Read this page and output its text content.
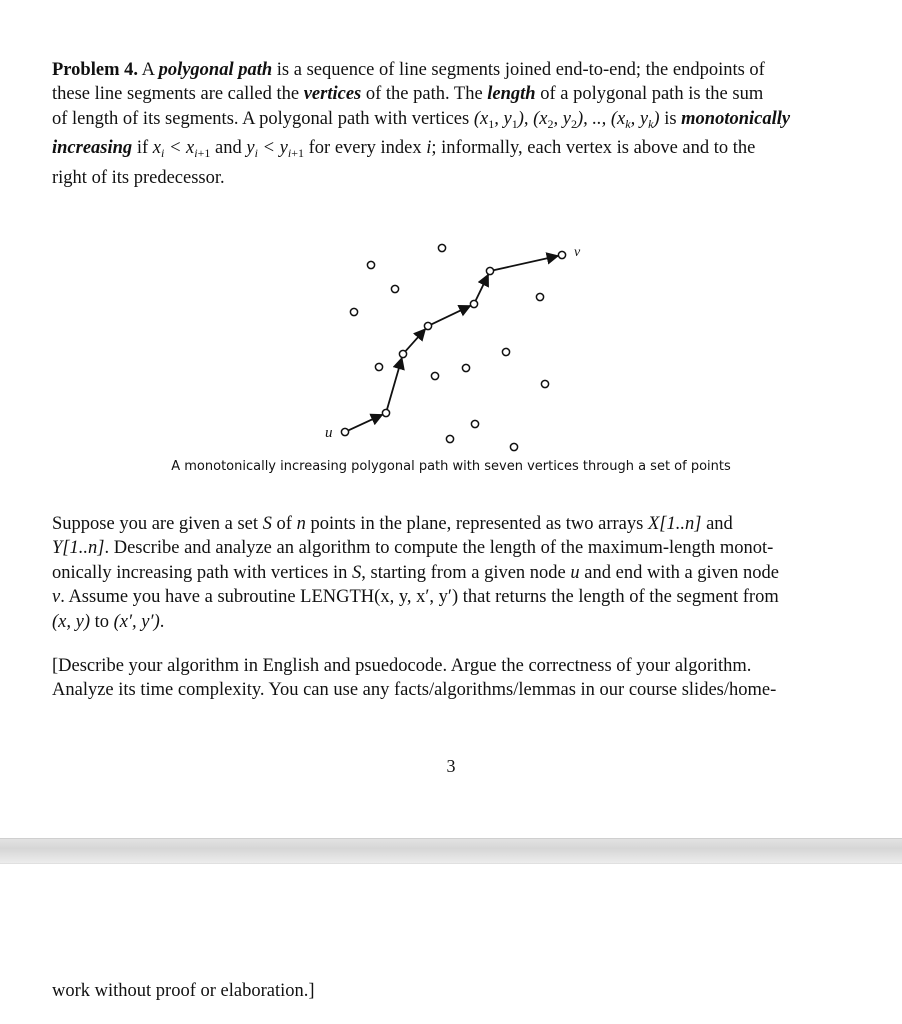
Problem 4. A polygonal path is a sequence of line segments joined end-to-end; the endpoints of
these line segments are called the vertices of the path. The length of a polygonal path is the sum
of length of its segments. A polygonal path with vertices ($x_1$, $y_1$), ($x_2$, $y_2$), .., ($x_k$, $y_k$) is monotonically
increasing if $x_i < x_{i+1}$ and $y_i < y_{i+1}$ for every index i; informally, each vertex is above and to the
right of its predecessor.
u
v
A monotonically increasing polygonal path with seven vertices through a set of points
Suppose you are given a set S of n points in the plane, represented as two arrays X[1..n] and
Y[1..n]. Describe and analyze an algorithm to compute the length of the maximum-length monot-
onically increasing path with vertices in S, starting from a given node u and end with a given node
v. Assume you have a subroutine LENGTH(x, y, x′, y′) that returns the length of the segment from
(x, y) to (x′, y′).
[Describe your algorithm in English and psuedocode. Argue the correctness of your algorithm.
Analyze its time complexity. You can use any facts/algorithms/lemmas in our course slides/home-
3
work without proof or elaboration.]
